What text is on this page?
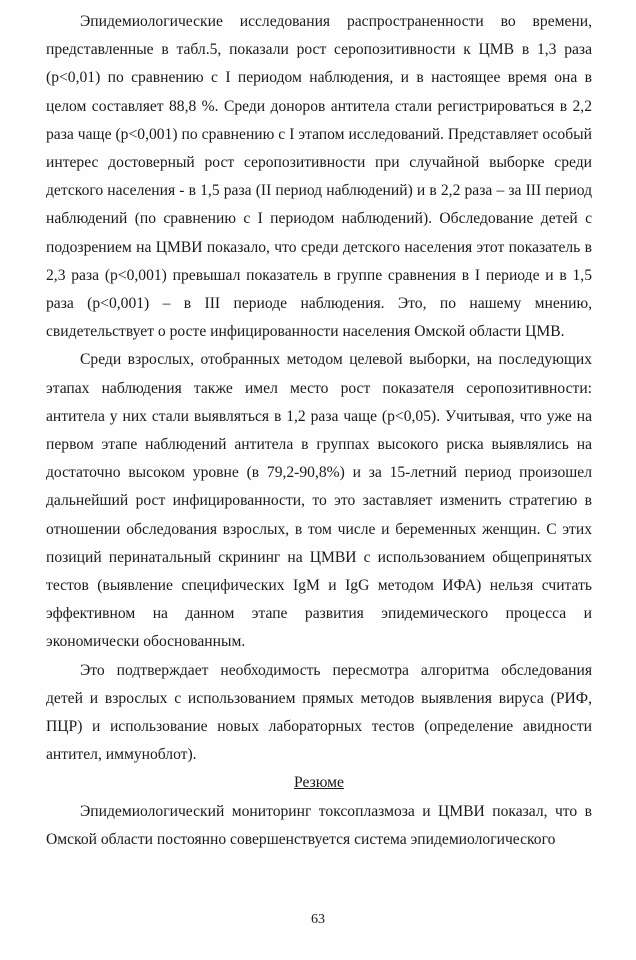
Эпидемиологические исследования распространенности во времени, представленные в табл.5, показали рост серопозитивности к ЦМВ в 1,3 раза (p<0,01) по сравнению с I периодом наблюдения, и в настоящее время она в целом составляет 88,8 %. Среди доноров антитела стали регистрироваться в 2,2 раза чаще (p<0,001) по сравнению с I этапом исследований. Представляет особый интерес достоверный рост серопозитивности при случайной выборке среди детского населения - в 1,5 раза (II период наблюдений) и в 2,2 раза – за III период наблюдений (по сравнению с I периодом наблюдений). Обследование детей с подозрением на ЦМВИ показало, что среди детского населения этот показатель в 2,3 раза (p<0,001) превышал показатель в группе сравнения в I периоде и в 1,5 раза (p<0,001) – в III периоде наблюдения. Это, по нашему мнению, свидетельствует о росте инфицированности населения Омской области ЦМВ.

Среди взрослых, отобранных методом целевой выборки, на последующих этапах наблюдения также имел место рост показателя серопозитивности: антитела у них стали выявляться в 1,2 раза чаще (p<0,05). Учитывая, что уже на первом этапе наблюдений антитела в группах высокого риска выявлялись на достаточно высоком уровне (в 79,2-90,8%) и за 15-летний период произошел дальнейший рост инфицированности, то это заставляет изменить стратегию в отношении обследования взрослых, в том числе и беременных женщин. С этих позиций перинатальный скрининг на ЦМВИ с использованием общепринятых тестов (выявление специфических IgM и IgG методом ИФА) нельзя считать эффективном на данном этапе развития эпидемического процесса и экономически обоснованным.

Это подтверждает необходимость пересмотра алгоритма обследования детей и взрослых с использованием прямых методов выявления вируса (РИФ, ПЦР) и использование новых лабораторных тестов (определение авидности антител, иммуноблот).

Резюме

Эпидемиологический мониторинг токсоплазмоза и ЦМВИ показал, что в Омской области постоянно совершенствуется система эпидемиологического

63
